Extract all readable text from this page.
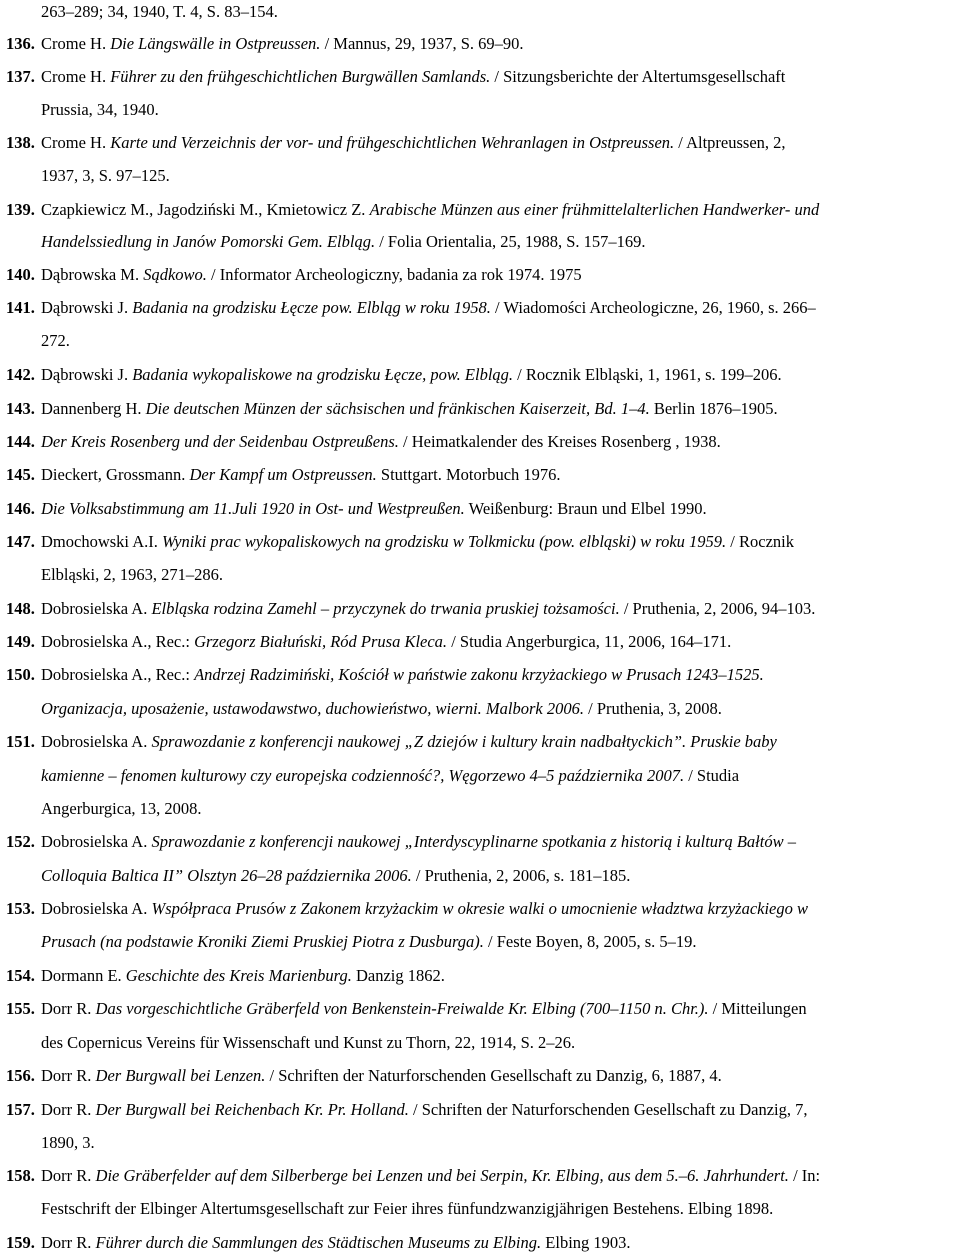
263–289; 34, 1940, T. 4, S. 83–154.
136. Crome H. Die Längswälle in Ostpreussen. / Mannus, 29, 1937, S. 69–90.
137. Crome H. Führer zu den frühgeschichtlichen Burgwällen Samlands. / Sitzungsberichte der Altertumsgesellschaft
Prussia, 34, 1940.
138. Crome H. Karte und Verzeichnis der vor- und frühgeschichtlichen Wehranlagen in Ostpreussen. / Altpreussen, 2,
1937, 3, S. 97–125.
139. Czapkiewicz M., Jagodziński M., Kmietowicz Z. Arabische Münzen aus einer frühmittelalterlichen Handwerker- und
Handelssiedlung in Janów Pomorski Gem. Elbląg. / Folia Orientalia, 25, 1988, S. 157–169.
140. Dąbrowska M. Sądkowo. / Informator Archeologiczny, badania za rok 1974. 1975
141. Dąbrowski J. Badania na grodzisku Łęcze pow. Elbląg w roku 1958. / Wiadomości Archeologiczne, 26, 1960, s. 266–
272.
142. Dąbrowski J. Badania wykopaliskowe na grodzisku Łęcze, pow. Elbląg. / Rocznik Elbląski, 1, 1961, s. 199–206.
143. Dannenberg H. Die deutschen Münzen der sächsischen und fränkischen Kaiserzeit, Bd. 1–4. Berlin 1876–1905.
144. Der Kreis Rosenberg und der Seidenbau Ostpreußens. / Heimatkalender des Kreises Rosenberg , 1938.
145. Dieckert, Grossmann. Der Kampf um Ostpreussen. Stuttgart. Motorbuch 1976.
146. Die Volksabstimmung am 11.Juli 1920 in Ost- und Westpreußen. Weißenburg: Braun und Elbel 1990.
147. Dmochowski A.I. Wyniki prac wykopaliskowych na grodzisku w Tolkmicku (pow. elbląski) w roku 1959. / Rocznik
Elbląski, 2, 1963, 271–286.
148. Dobrosielska A. Elbląska rodzina Zamehl – przyczynek do trwania pruskiej tożsamości. / Pruthenia, 2, 2006, 94–103.
149. Dobrosielska A., Rec.: Grzegorz Białuński, Ród Prusa Kleca. / Studia Angerburgica, 11, 2006, 164–171.
150. Dobrosielska A., Rec.: Andrzej Radzimiński, Kościół w państwie zakonu krzyżackiego w Prusach 1243–1525.
Organizacja, uposażenie, ustawodawstwo, duchowieństwo, wierni. Malbork 2006. / Pruthenia, 3, 2008.
151. Dobrosielska A. Sprawozdanie z konferencji naukowej „Z dziejów i kultury krain nadbałtyckich”. Pruskie baby
kamienne – fenomen kulturowy czy europejska codzienność?, Węgorzewo 4–5 października 2007. / Studia
Angerburgica, 13, 2008.
152. Dobrosielska A. Sprawozdanie z konferencji naukowej „Interdyscyplinarne spotkania z historią i kulturą Bałtów –
Colloquia Baltica II” Olsztyn 26–28 października 2006. / Pruthenia, 2, 2006, s. 181–185.
153. Dobrosielska A. Współpraca Prusów z Zakonem krzyżackim w okresie walki o umocnienie władztwa krzyżackiego w
Prusach (na podstawie Kroniki Ziemi Pruskiej Piotra z Dusburga). / Feste Boyen, 8, 2005, s. 5–19.
154. Dormann E. Geschichte des Kreis Marienburg. Danzig 1862.
155. Dorr R. Das vorgeschichtliche Gräberfeld von Benkenstein-Freiwalde Kr. Elbing (700–1150 n. Chr.). / Mitteilungen
des Copernicus Vereins für Wissenschaft und Kunst zu Thorn, 22, 1914, S. 2–26.
156. Dorr R. Der Burgwall bei Lenzen. / Schriften der Naturforschenden Gesellschaft zu Danzig, 6, 1887, 4.
157. Dorr R. Der Burgwall bei Reichenbach Kr. Pr. Holland. / Schriften der Naturforschenden Gesellschaft zu Danzig, 7,
1890, 3.
158. Dorr R. Die Gräberfelder auf dem Silberberge bei Lenzen und bei Serpin, Kr. Elbing, aus dem 5.–6. Jahrhundert. / In:
Festschrift der Elbinger Altertumsgesellschaft zur Feier ihres fünfundzwanzigjährigen Bestehens. Elbing 1898.
159. Dorr R. Führer durch die Sammlungen des Städtischen Museums zu Elbing. Elbing 1903.
